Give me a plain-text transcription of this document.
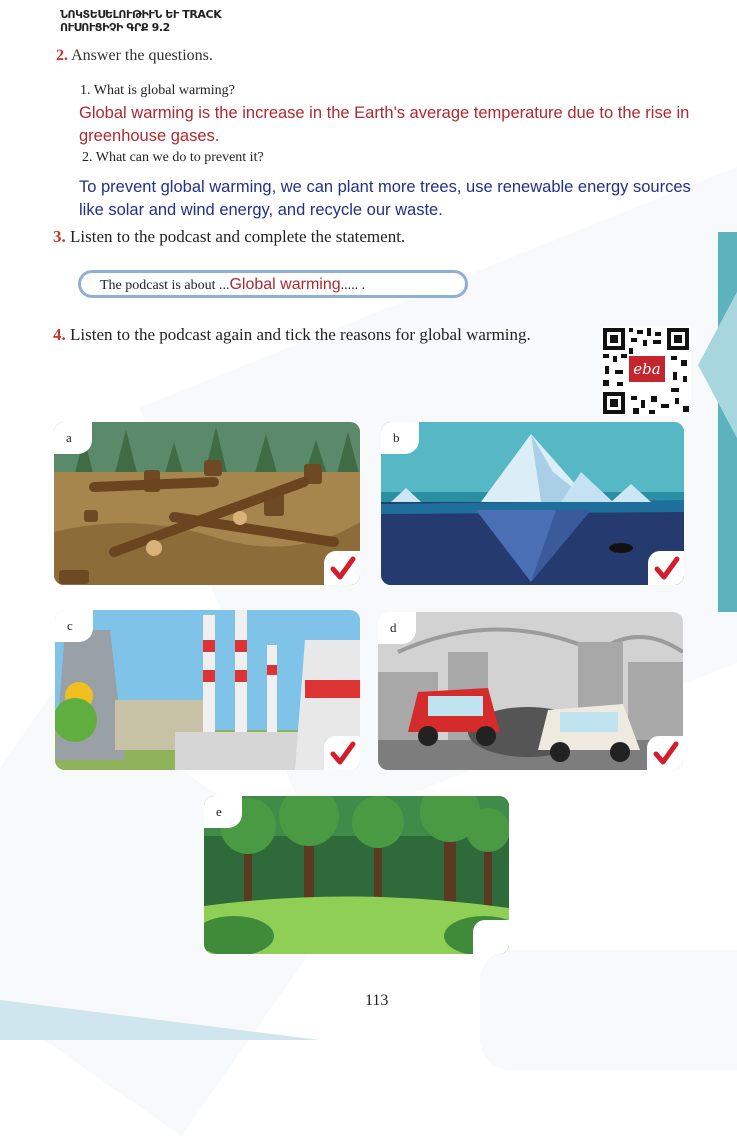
ՆՈԿՏԵՍԵԼՈՒԹԻՒՆ ԵՒ TRACK
ՈՒՍՈՒՑԻՉԻ ԳՐՔ 9.2
2. Answer the questions.
1. What is global warming?
Global warming is the increase in the Earth's average temperature due to the rise in greenhouse gases.
2. What can we do to prevent it?
To prevent global warming, we can plant more trees, use renewable energy sources like solar and wind energy, and recycle our waste.
3. Listen to the podcast and complete the statement.
The podcast is about ...Global warming..... .
4. Listen to the podcast again and tick the reasons for global warming.
eba
a	b
c	d
e
113
